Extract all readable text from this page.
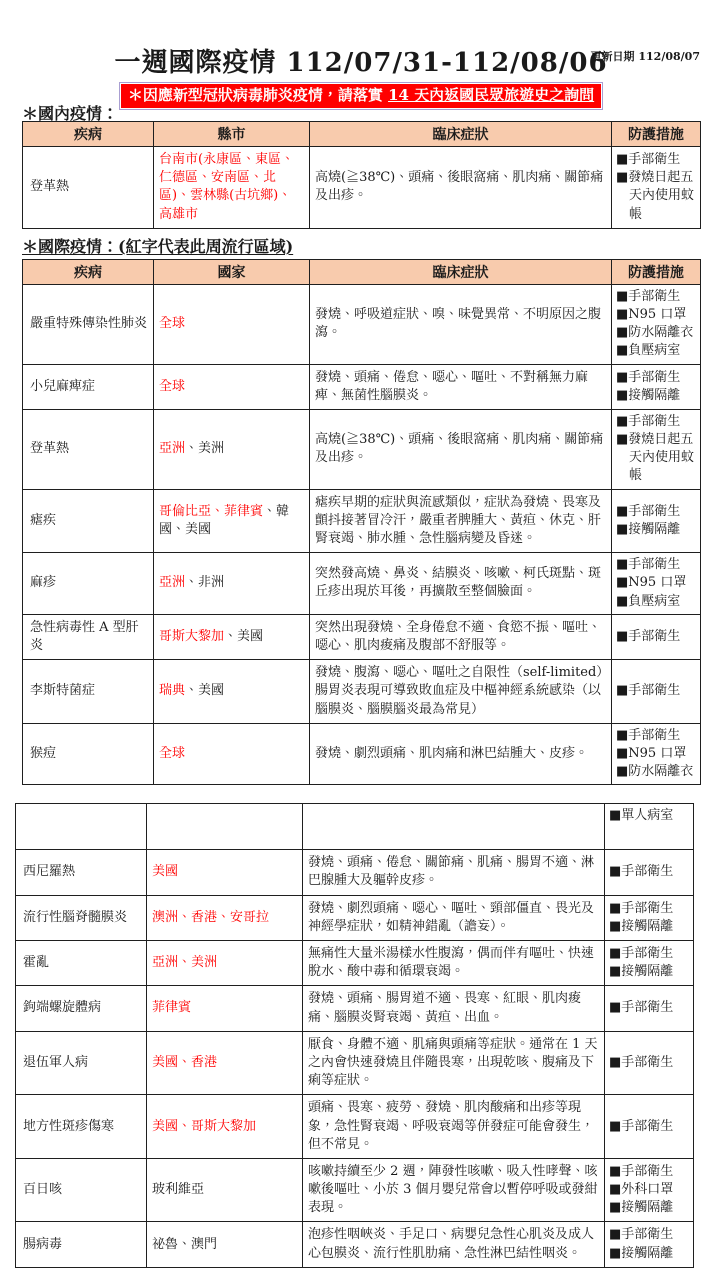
一週國際疫情 112/07/31-112/08/06
更新日期 112/08/07
＊因應新型冠狀病毒肺炎疫情，請落實 14 天內返國民眾旅遊史之詢問
＊國內疫情：
疾病	縣市	臨床症狀	防護措施
登革熱	台南市(永康區、東區、仁德區、安南區、北區)、雲林縣(古坑鄉)、高雄市	高燒(≧38℃)、頭痛、後眼窩痛、肌肉痛、關節痛及出疹。	■手部衛生
■發燒日起五天內使用蚊帳
＊國際疫情：(紅字代表此周流行區域)
疾病	國家	臨床症狀	防護措施
嚴重特殊傳染性肺炎	全球	發燒、呼吸道症狀、嗅、味覺異常、不明原因之腹瀉。	■手部衛生
■N95 口罩
■防水隔離衣
■負壓病室

小兒麻痺症	全球	發燒、頭痛、倦怠、噁心、嘔吐、不對稱無力麻痺、無菌性腦膜炎。	■手部衛生
■接觸隔離

登革熱	亞洲、美洲	高燒(≧38℃)、頭痛、後眼窩痛、肌肉痛、關節痛及出疹。	■手部衛生
■發燒日起五天內使用蚊帳

瘧疾	哥倫比亞、菲律賓、韓國、美國	瘧疾早期的症狀與流感類似，症狀為發燒、畏寒及顫抖接著冒冷汗，嚴重者脾腫大、黃疸、休克、肝腎衰竭、肺水腫、急性腦病變及昏迷。	■手部衛生
■接觸隔離

麻疹	亞洲、非洲	突然發高燒、鼻炎、結膜炎、咳嗽、柯氏斑點、斑丘疹出現於耳後，再擴散至整個臉面。	■手部衛生
■N95 口罩
■負壓病室

急性病毒性 A 型肝炎	哥斯大黎加、美國	突然出現發燒、全身倦怠不適、食慾不振、嘔吐、噁心、肌肉痠痛及腹部不舒服等。	■手部衛生

李斯特菌症	瑞典、美國	發燒、腹瀉、噁心、嘔吐之自限性（self-limited）腸胃炎表現可導致敗血症及中樞神經系統感染（以腦膜炎、腦膜腦炎最為常見）	■手部衛生

猴痘	全球	發燒、劇烈頭痛、肌肉痛和淋巴結腫大、皮疹。	■手部衛生
■N95 口罩
■防水隔離衣

			■單人病室

西尼羅熱	美國	發燒、頭痛、倦怠、關節痛、肌痛、腸胃不適、淋巴腺腫大及軀幹皮疹。	■手部衛生

流行性腦脊髓膜炎	澳洲、香港、安哥拉	發燒、劇烈頭痛、噁心、嘔吐、頸部僵直、畏光及神經學症狀，如精神錯亂（譫妄）。	■手部衛生
■接觸隔離

霍亂	亞洲、美洲	無痛性大量米湯樣水性腹瀉，偶而伴有嘔吐、快速脫水、酸中毒和循環衰竭。	■手部衛生
■接觸隔離

鉤端螺旋體病	菲律賓	發燒、頭痛、腸胃道不適、畏寒、紅眼、肌肉痠痛、腦膜炎腎衰竭、黃疸、出血。	■手部衛生

退伍軍人病	美國、香港	厭食、身體不適、肌痛與頭痛等症狀。通常在 1 天之內會快速發燒且伴隨畏寒，出現乾咳、腹痛及下痢等症狀。	■手部衛生

地方性斑疹傷寒	美國、哥斯大黎加	頭痛、畏寒、疲勞、發燒、肌肉酸痛和出疹等現象，急性腎衰竭、呼吸衰竭等併發症可能會發生，但不常見。	■手部衛生

百日咳	玻利維亞	咳嗽持續至少 2 週，陣發性咳嗽、吸入性哮聲、咳嗽後嘔吐、小於 3 個月嬰兒常會以暫停呼吸或發紺表現。	■手部衛生
■外科口罩
■接觸隔離

腸病毒	祕魯、澳門	泡疹性咽峽炎、手足口、病嬰兒急性心肌炎及成人心包膜炎、流行性肌肋痛、急性淋巴結性咽炎。	■手部衛生
■接觸隔離
